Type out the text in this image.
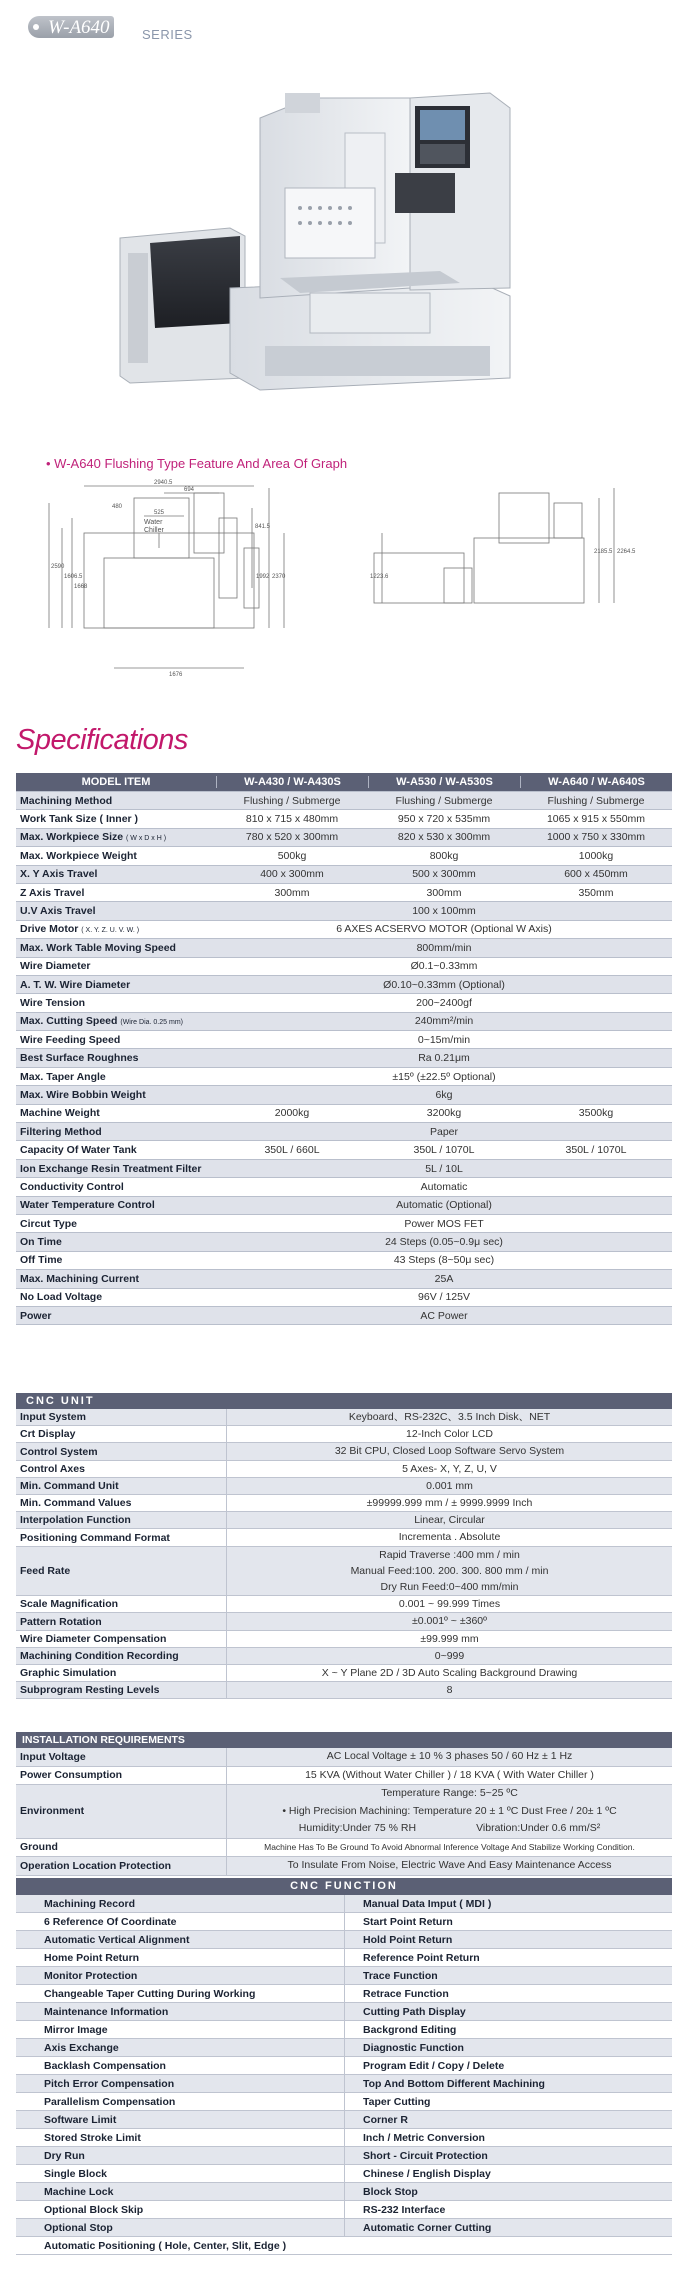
W-A640 SERIES
• W-A640 Flushing Type Feature And Area Of Graph
2940.5
694
480
525
841.5
1992 2370
1606.5
1668
2590
1676
Water
Chiller
1223.6
2185.5 2264.5
Specifications
MODEL ITEM	W-A430 / W-A430S	W-A530 / W-A530S	W-A640 / W-A640S
Machining Method	Flushing / Submerge	Flushing / Submerge	Flushing / Submerge
Work Tank Size ( Inner )	810 x 715 x 480mm	950 x 720 x 535mm	1065 x 915 x 550mm
Max. Workpiece Size ( W x D x H )	780 x 520 x 300mm	820 x 530 x 300mm	1000 x 750 x 330mm
Max. Workpiece Weight	500kg	800kg	1000kg
X. Y Axis Travel	400 x 300mm	500 x 300mm	600 x 450mm
Z Axis Travel	300mm	300mm	350mm
U.V Axis Travel	100 x 100mm
Drive Motor ( X. Y. Z. U. V. W. )	6 AXES ACSERVO MOTOR (Optional W Axis)
Max. Work Table Moving Speed	800mm/min
Wire Diameter	Ø0.1~0.33mm
A. T. W. Wire Diameter	Ø0.10~0.33mm (Optional)
Wire Tension	200~2400gf
Max. Cutting Speed (Wire Dia. 0.25 mm)	240mm²/min
Wire Feeding Speed	0~15m/min
Best Surface Roughnes	Ra 0.21μm
Max. Taper Angle	±15º (±22.5º Optional)
Max. Wire Bobbin Weight	6kg
Machine Weight	2000kg	3200kg	3500kg
Filtering Method	Paper
Capacity Of Water Tank	350L / 660L	350L / 1070L	350L / 1070L
Ion Exchange Resin Treatment Filter	5L / 10L
Conductivity Control	Automatic
Water Temperature Control	Automatic (Optional)
Circut Type	Power MOS FET
On Time	24 Steps (0.05~0.9μ sec)
Off Time	43 Steps (8~50μ sec)
Max. Machining Current	25A
No Load Voltage	96V / 125V
Power	AC Power
CNC UNIT
Input System	Keyboard、RS-232C、3.5 Inch Disk、NET
Crt Display	12-Inch Color LCD
Control System	32 Bit CPU, Closed Loop Software Servo System
Control Axes	5 Axes- X, Y, Z, U, V
Min. Command Unit	0.001 mm
Min. Command Values	±99999.999 mm / ± 9999.9999 Inch
Interpolation Function	Linear, Circular
Positioning Command Format	Incrementa . Absolute
Feed Rate
Rapid Traverse :400 mm / min
Manual Feed:100. 200. 300. 800 mm / min
Dry Run Feed:0~400 mm/min
Scale Magnification	0.001 ~ 99.999 Times
Pattern Rotation	±0.001º ~ ±360º
Wire Diameter Compensation	±99.999 mm
Machining Condition Recording	0~999
Graphic Simulation	X ~ Y Plane 2D / 3D Auto Scaling Background Drawing
Subprogram Resting Levels	8
INSTALLATION REQUIREMENTS
Input Voltage	AC Local Voltage ± 10 % 3 phases 50 / 60 Hz ± 1 Hz
Power Consumption	15 KVA (Without Water Chiller ) / 18 KVA ( With Water Chiller )
Environment
Temperature Range: 5~25 ºC
• High Precision Machining: Temperature 20 ± 1 ºC Dust Free / 20± 1 ºC
Humidity:Under 75 % RH	Vibration:Under 0.6 mm/S²
Ground	Machine Has To Be Ground To Avoid Abnormal Inference Voltage And Stabilize Working Condition.
Operation Location Protection	To Insulate From Noise, Electric Wave And Easy Maintenance Access
CNC FUNCTION
Machining Record	Manual Data Imput ( MDI )
6 Reference Of Coordinate	Start Point Return
Automatic Vertical Alignment	Hold Point Return
Home Point Return	Reference Point Return
Monitor Protection	Trace Function
Changeable Taper Cutting During Working	Retrace Function
Maintenance Information	Cutting Path Display
Mirror Image	Backgrond Editing
Axis Exchange	Diagnostic Function
Backlash Compensation	Program Edit / Copy / Delete
Pitch Error Compensation	Top And Bottom Different Machining
Parallelism Compensation	Taper Cutting
Software Limit	Corner R
Stored Stroke Limit	Inch / Metric Conversion
Dry Run	Short - Circuit Protection
Single Block	Chinese / English Display
Machine Lock	Block Stop
Optional Block Skip	RS-232 Interface
Optional Stop	Automatic Corner Cutting
Automatic Positioning ( Hole, Center, Slit, Edge )
